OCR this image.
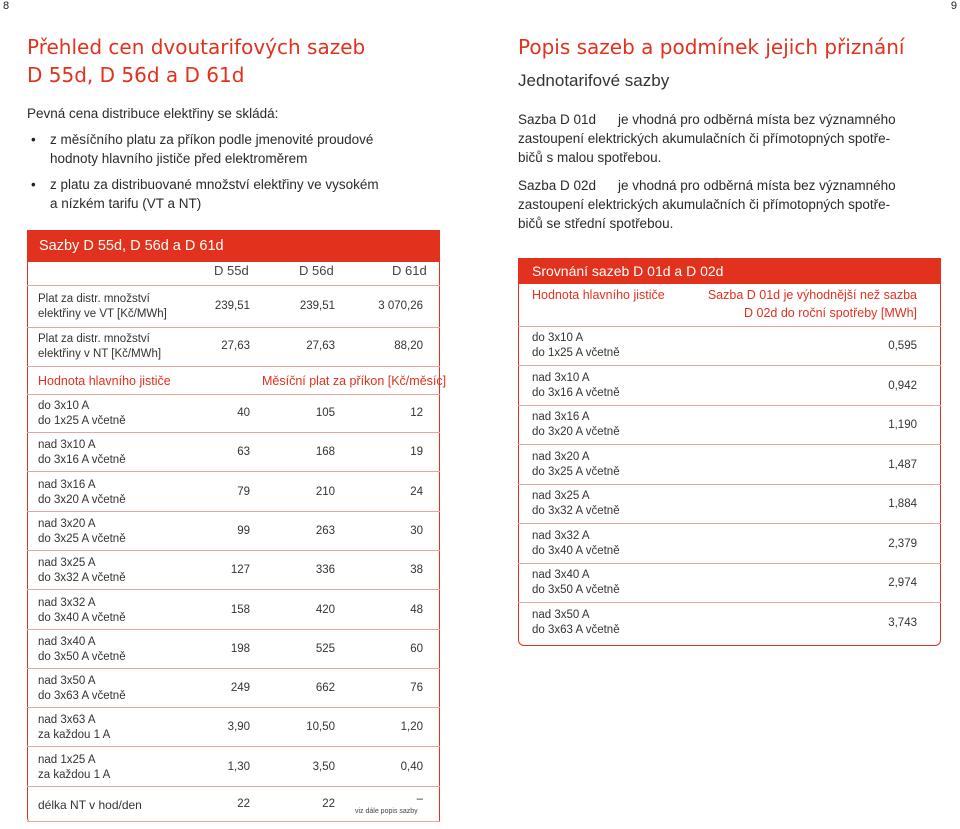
8	9
Přehled cen dvoutarifových sazeb
D 55d, D 56d a D 61d
Pevná cena distribuce elektřiny se skládá:
• z měsíčního platu za příkon podle jmenovité proudové
hodnoty hlavního jističe před elektroměrem
• z platu za distribuované množství elektřiny ve vysokém
a nízkém tarifu (VT a NT)
Sazby D 55d, D 56d a D 61d
D 55d	D 56d	D 61d
Plat za distr. množství
elektřiny ve VT [Kč/MWh]
239,51	239,51	3 070,26
Plat za distr. množství
elektřiny v NT [Kč/MWh]
27,63	27,63	88,20
Hodnota hlavního jističe	Měsíční plat za příkon [Kč/měsíc]
do 3x10 A
do 1x25 A včetně
40	105	12
nad 3x10 A
do 3x16 A včetně
63	168	19
nad 3x16 A
do 3x20 A včetně
79	210	24
nad 3x20 A
do 3x25 A včetně
99	263	30
nad 3x25 A
do 3x32 A včetně
127	336	38
nad 3x32 A
do 3x40 A včetně
158	420	48
nad 3x40 A
do 3x50 A včetně
198	525	60
nad 3x50 A
do 3x63 A včetně
249	662	76
nad 3x63 A
za každou 1 A
3,90	10,50	1,20
nad 1x25 A
za každou 1 A
1,30	3,50	0,40
délka NT v hod/den	22	22	–
viz dále popis sazby
Popis sazeb a podmínek jejich přiznání
Jednotarifové sazby
Sazba D 01d je vhodná pro odběrná místa bez významného
zastoupení elektrických akumulačních či přímotopných spotře-
bičů s malou spotřebou.
Sazba D 02d je vhodná pro odběrná místa bez významného
zastoupení elektrických akumulačních či přímotopných spotře-
bičů se střední spotřebou.
Srovnání sazeb D 01d a D 02d
Hodnota hlavního jističe	Sazba D 01d je výhodnější než sazba
D 02d do roční spotřeby [MWh]
do 3x10 A
do 1x25 A včetně
0,595
nad 3x10 A
do 3x16 A včetně
0,942
nad 3x16 A
do 3x20 A včetně
1,190
nad 3x20 A
do 3x25 A včetně
1,487
nad 3x25 A
do 3x32 A včetně
1,884
nad 3x32 A
do 3x40 A včetně
2,379
nad 3x40 A
do 3x50 A včetně
2,974
nad 3x50 A
do 3x63 A včetně
3,743
